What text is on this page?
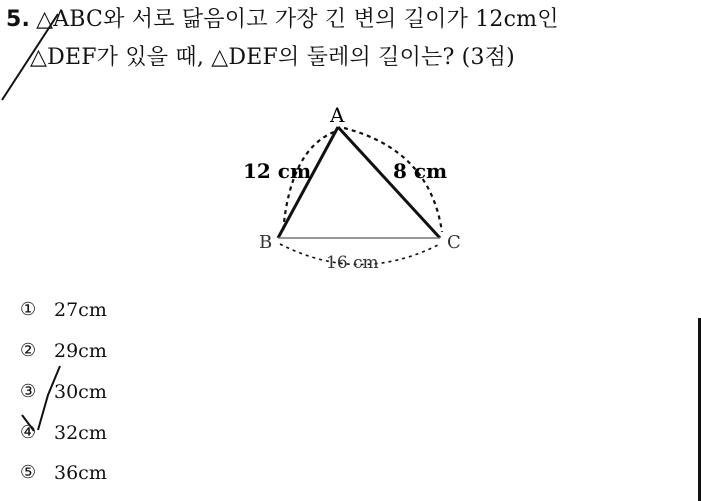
5. △ABC와 서로 닮음이고 가장 긴 변의 길이가 12cm인
△DEF가 있을 때, △DEF의 둘레의 길이는? (3점)
A
B	C
12 cm	8 cm
16 cm
① 27cm
② 29cm
③ 30cm
④ 32cm
⑤ 36cm
